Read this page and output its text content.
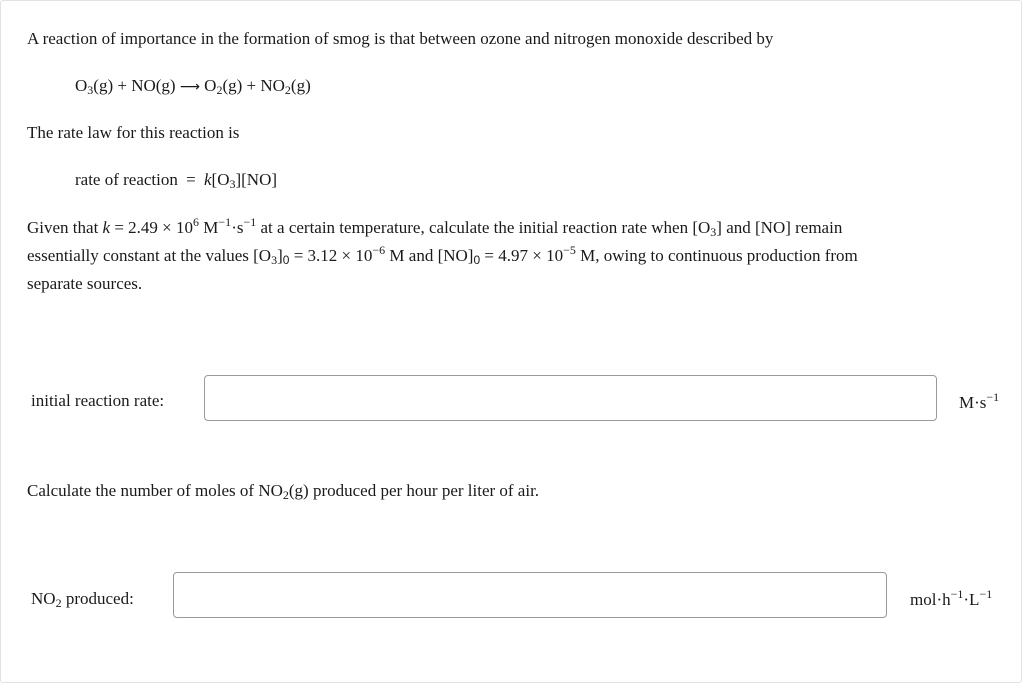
A reaction of importance in the formation of smog is that between ozone and nitrogen monoxide described by
$O_3(g) + NO(g)$ ⟶ $O_2(g) + NO_2(g)$
The rate law for this reaction is
rate of reaction = $k[O_3][NO]$
Given that $k = 2.49 \times 10^6$ $M^{-1}\cdot s^{-1}$ at a certain temperature, calculate the initial reaction rate when $[O_3]$ and [NO] remain
essentially constant at the values $[O_3]_0 = 3.12 \times 10^{-6}$ M and $[NO]_0 = 4.97 \times 10^{-5}$ M, owing to continuous production from
separate sources.
initial reaction rate:	$M\cdot s^{-1}$
Calculate the number of moles of $NO_2(g)$ produced per hour per liter of air.
$NO_2$ produced:	$mol\cdot h^{-1}\cdot L^{-1}$
